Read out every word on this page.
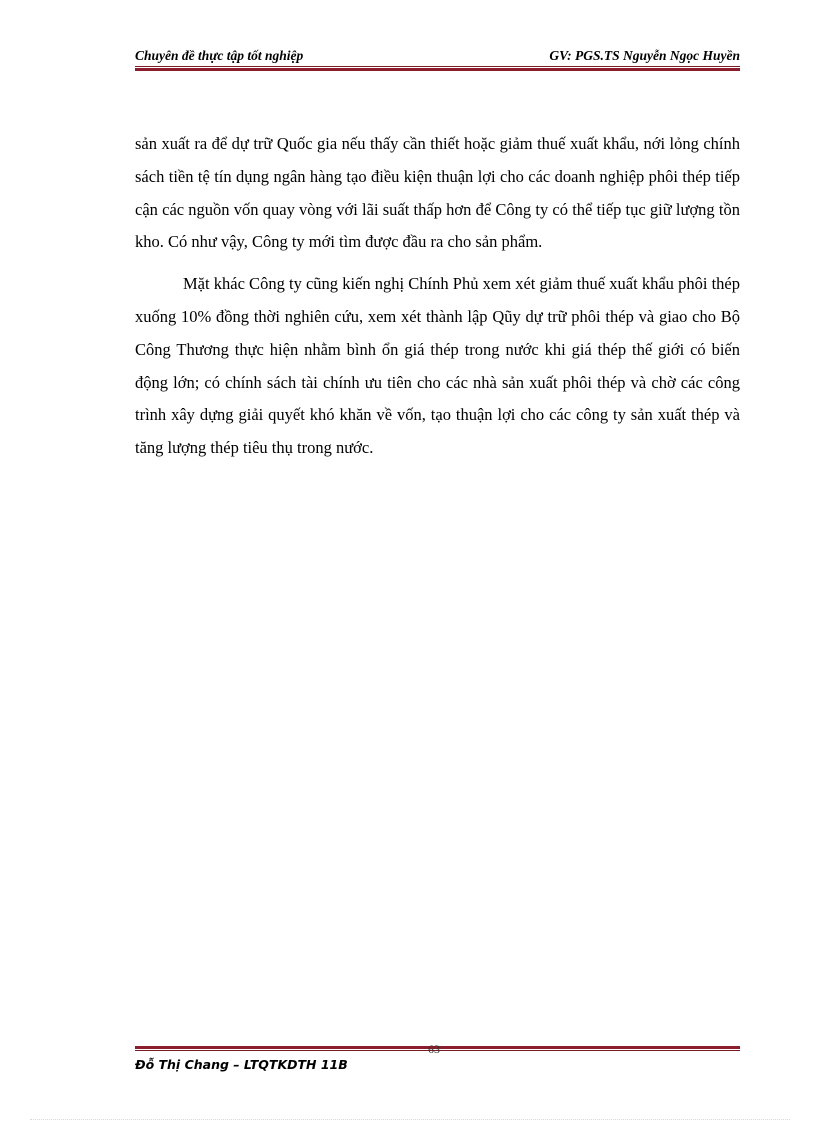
Chuyên đề thực tập tốt nghiệp	GV: PGS.TS Nguyễn Ngọc Huyền

sản xuất ra để dự trữ Quốc gia nếu thấy cần thiết hoặc giảm thuế xuất khẩu, nới lỏng chính sách tiền tệ tín dụng ngân hàng tạo điều kiện thuận lợi cho các doanh nghiệp phôi thép tiếp cận các nguồn vốn quay vòng với lãi suất thấp hơn để Công ty có thể tiếp tục giữ lượng tồn kho. Có như vậy, Công ty mới tìm được đầu ra cho sản phẩm.

Mặt khác Công ty cũng kiến nghị Chính Phủ xem xét giảm thuế xuất khẩu phôi thép xuống 10% đồng thời nghiên cứu, xem xét thành lập Qũy dự trữ phôi thép và giao cho Bộ Công Thương thực hiện nhằm bình ổn giá thép trong nước khi giá thép thế giới có biến động lớn; có chính sách tài chính ưu tiên cho các nhà sản xuất phôi thép và chờ các công trình xây dựng giải quyết khó khăn về vốn, tạo thuận lợi cho các công ty sản xuất thép và tăng lượng thép tiêu thụ trong nước.

63
Đỗ Thị Chang – LTQTKDTH 11B
